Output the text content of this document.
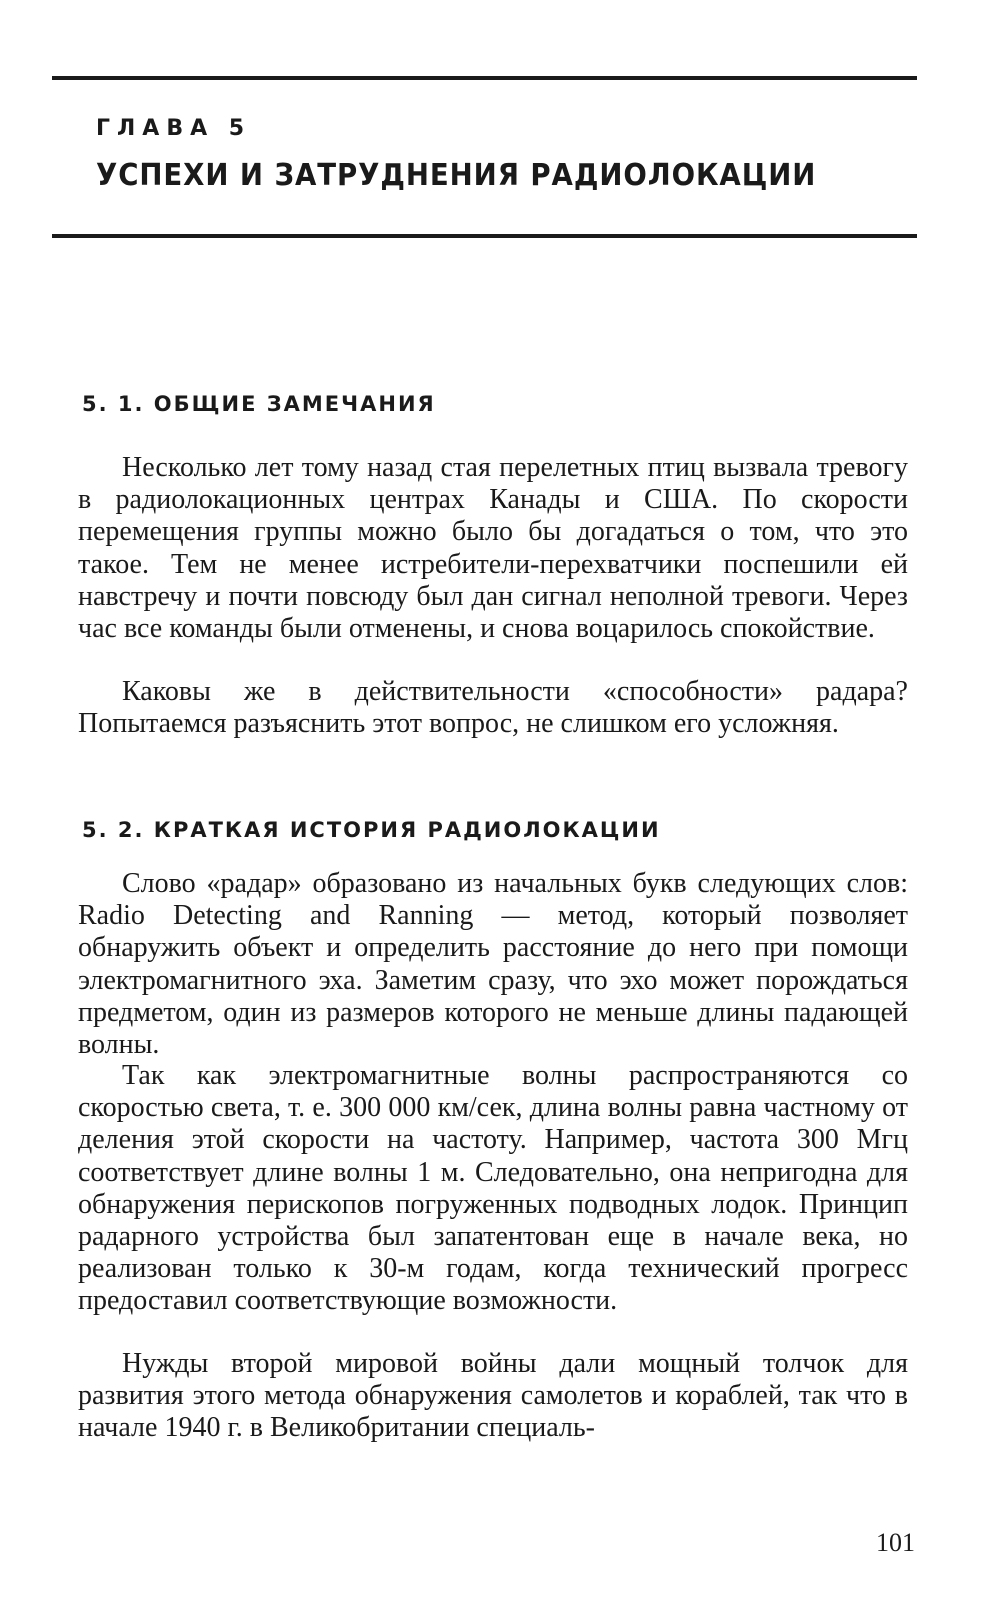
ГЛАВА 5
УСПЕХИ И ЗАТРУДНЕНИЯ РАДИОЛОКАЦИИ
5. 1. ОБЩИЕ ЗАМЕЧАНИЯ

Несколько лет тому назад стая перелетных птиц вызвала тревогу в радиолокационных центрах Канады и США. По скорости перемещения группы можно было бы догадаться о том, что это такое. Тем не менее истребители-перехватчики поспешили ей навстречу и почти повсюду был дан сигнал неполной тревоги. Через час все команды были отменены, и снова воцарилось спокойствие.

Каковы же в действительности «способности» радара? Попытаемся разъяснить этот вопрос, не слишком его усложняя.

5. 2. КРАТКАЯ ИСТОРИЯ РАДИОЛОКАЦИИ

Слово «радар» образовано из начальных букв следующих слов: Radio Detecting and Ranning — метод, который позволяет обнаружить объект и определить расстояние до него при помощи электромагнитного эха. Заметим сразу, что эхо может порождаться предметом, один из размеров которого не меньше длины падающей волны.

Так как электромагнитные волны распространяются со скоростью света, т. е. 300 000 км/сек, длина волны равна частному от деления этой скорости на частоту. Например, частота 300 Мгц соответствует длине волны 1 м. Следовательно, она непригодна для обнаружения перископов погруженных подводных лодок. Принцип радарного устройства был запатентован еще в начале века, но реализован только к 30-м годам, когда технический прогресс предоставил соответствующие возможности.

Нужды второй мировой войны дали мощный толчок для развития этого метода обнаружения самолетов и кораблей, так что в начале 1940 г. в Великобритании специаль-

101
